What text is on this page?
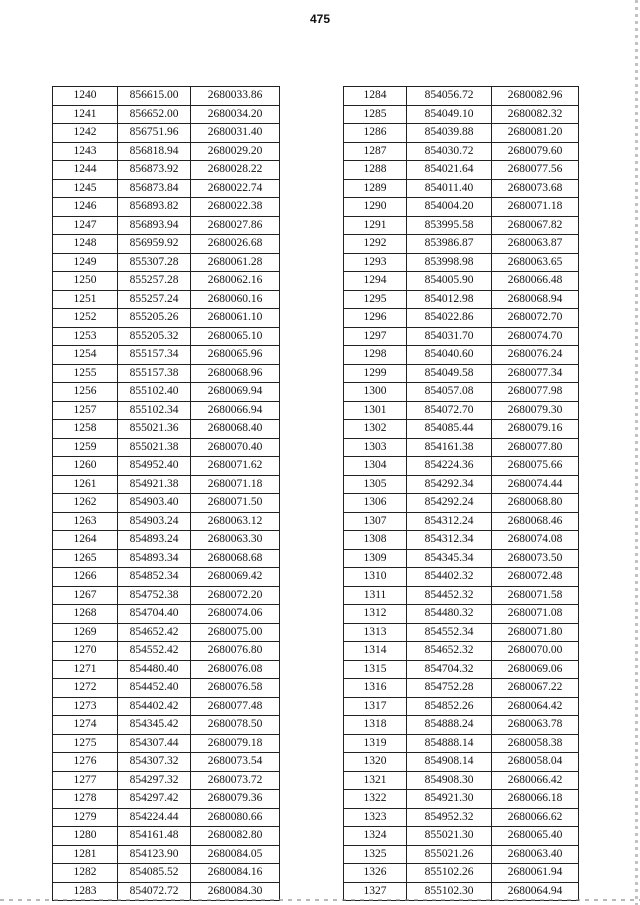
475
1240	856615.00	2680033.86
1241	856652.00	2680034.20
1242	856751.96	2680031.40
1243	856818.94	2680029.20
1244	856873.92	2680028.22
1245	856873.84	2680022.74
1246	856893.82	2680022.38
1247	856893.94	2680027.86
1248	856959.92	2680026.68
1249	855307.28	2680061.28
1250	855257.28	2680062.16
1251	855257.24	2680060.16
1252	855205.26	2680061.10
1253	855205.32	2680065.10
1254	855157.34	2680065.96
1255	855157.38	2680068.96
1256	855102.40	2680069.94
1257	855102.34	2680066.94
1258	855021.36	2680068.40
1259	855021.38	2680070.40
1260	854952.40	2680071.62
1261	854921.38	2680071.18
1262	854903.40	2680071.50
1263	854903.24	2680063.12
1264	854893.24	2680063.30
1265	854893.34	2680068.68
1266	854852.34	2680069.42
1267	854752.38	2680072.20
1268	854704.40	2680074.06
1269	854652.42	2680075.00
1270	854552.42	2680076.80
1271	854480.40	2680076.08
1272	854452.40	2680076.58
1273	854402.42	2680077.48
1274	854345.42	2680078.50
1275	854307.44	2680079.18
1276	854307.32	2680073.54
1277	854297.32	2680073.72
1278	854297.42	2680079.36
1279	854224.44	2680080.66
1280	854161.48	2680082.80
1281	854123.90	2680084.05
1282	854085.52	2680084.16
1283	854072.72	2680084.30
1284	854056.72	2680082.96
1285	854049.10	2680082.32
1286	854039.88	2680081.20
1287	854030.72	2680079.60
1288	854021.64	2680077.56
1289	854011.40	2680073.68
1290	854004.20	2680071.18
1291	853995.58	2680067.82
1292	853986.87	2680063.87
1293	853998.98	2680063.65
1294	854005.90	2680066.48
1295	854012.98	2680068.94
1296	854022.86	2680072.70
1297	854031.70	2680074.70
1298	854040.60	2680076.24
1299	854049.58	2680077.34
1300	854057.08	2680077.98
1301	854072.70	2680079.30
1302	854085.44	2680079.16
1303	854161.38	2680077.80
1304	854224.36	2680075.66
1305	854292.34	2680074.44
1306	854292.24	2680068.80
1307	854312.24	2680068.46
1308	854312.34	2680074.08
1309	854345.34	2680073.50
1310	854402.32	2680072.48
1311	854452.32	2680071.58
1312	854480.32	2680071.08
1313	854552.34	2680071.80
1314	854652.32	2680070.00
1315	854704.32	2680069.06
1316	854752.28	2680067.22
1317	854852.26	2680064.42
1318	854888.24	2680063.78
1319	854888.14	2680058.38
1320	854908.14	2680058.04
1321	854908.30	2680066.42
1322	854921.30	2680066.18
1323	854952.32	2680066.62
1324	855021.30	2680065.40
1325	855021.26	2680063.40
1326	855102.26	2680061.94
1327	855102.30	2680064.94
